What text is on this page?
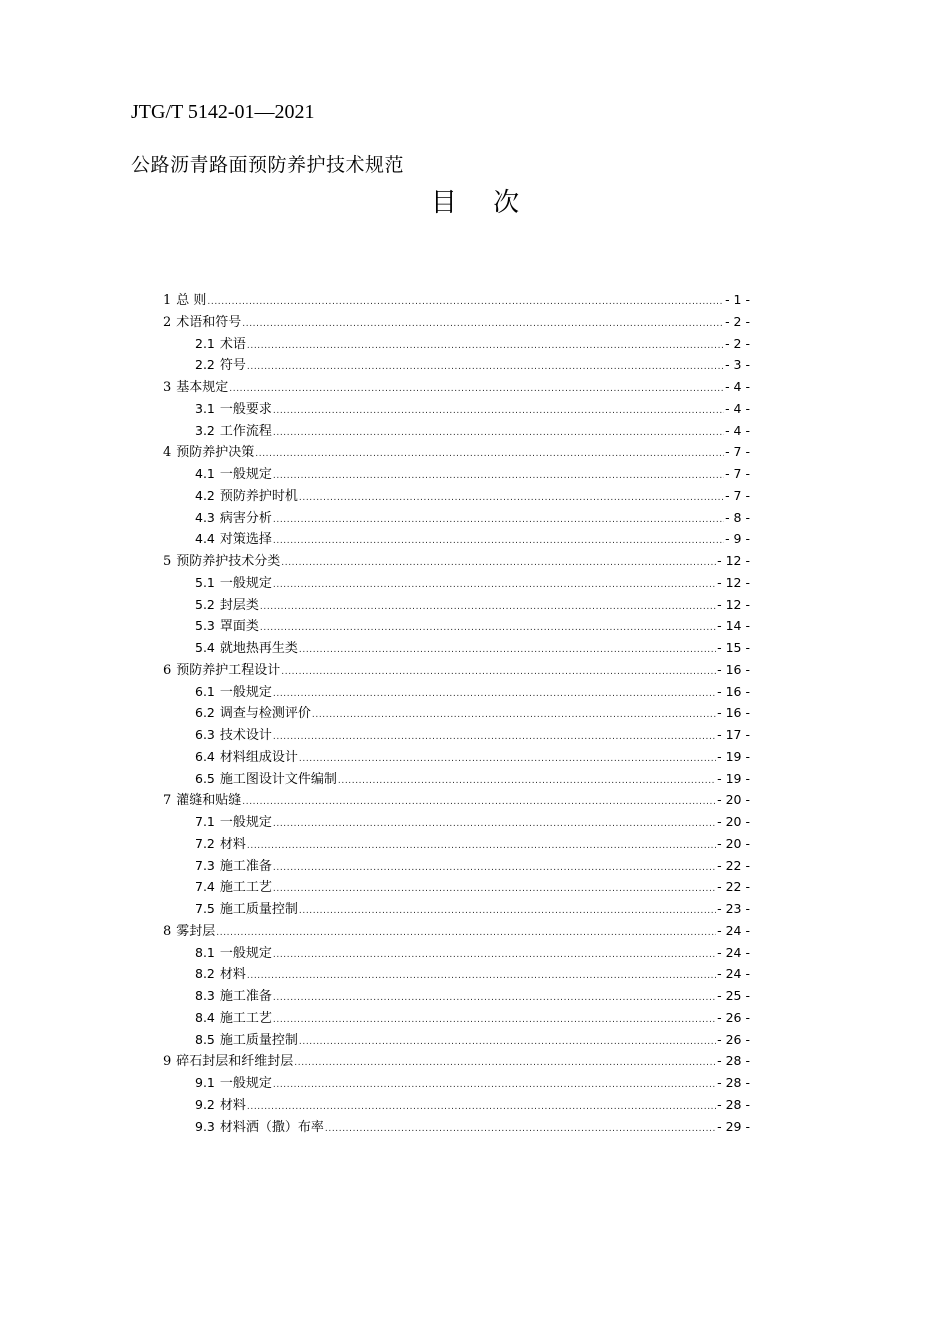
JTG/T 5142-01—2021
公路沥青路面预防养护技术规范
目 次
1 总 则 .....	- 1 -
2 术语和符号 .....	- 2 -
2.1 术语 .....	- 2 -
2.2 符号 .....	- 3 -
3 基本规定 .....	- 4 -
3.1 一般要求 .....	- 4 -
3.2 工作流程 .....	- 4 -
4 预防养护决策 .....	- 7 -
4.1 一般规定 .....	- 7 -
4.2 预防养护时机 .....	- 7 -
4.3 病害分析 .....	- 8 -
4.4 对策选择 .....	- 9 -
5 预防养护技术分类 .....	- 12 -
5.1 一般规定 .....	- 12 -
5.2 封层类 .....	- 12 -
5.3 罩面类 .....	- 14 -
5.4 就地热再生类 .....	- 15 -
6 预防养护工程设计 .....	- 16 -
6.1 一般规定 .....	- 16 -
6.2 调查与检测评价 .....	- 16 -
6.3 技术设计 .....	- 17 -
6.4 材料组成设计 .....	- 19 -
6.5 施工图设计文件编制 .....	- 19 -
7 灌缝和贴缝 .....	- 20 -
7.1 一般规定 .....	- 20 -
7.2 材料 .....	- 20 -
7.3 施工准备 .....	- 22 -
7.4 施工工艺 .....	- 22 -
7.5 施工质量控制 .....	- 23 -
8 雾封层 .....	- 24 -
8.1 一般规定 .....	- 24 -
8.2 材料 .....	- 24 -
8.3 施工准备 .....	- 25 -
8.4 施工工艺 .....	- 26 -
8.5 施工质量控制 .....	- 26 -
9 碎石封层和纤维封层 .....	- 28 -
9.1 一般规定 .....	- 28 -
9.2 材料 .....	- 28 -
9.3 材料洒（撒）布率 .....	- 29 -
